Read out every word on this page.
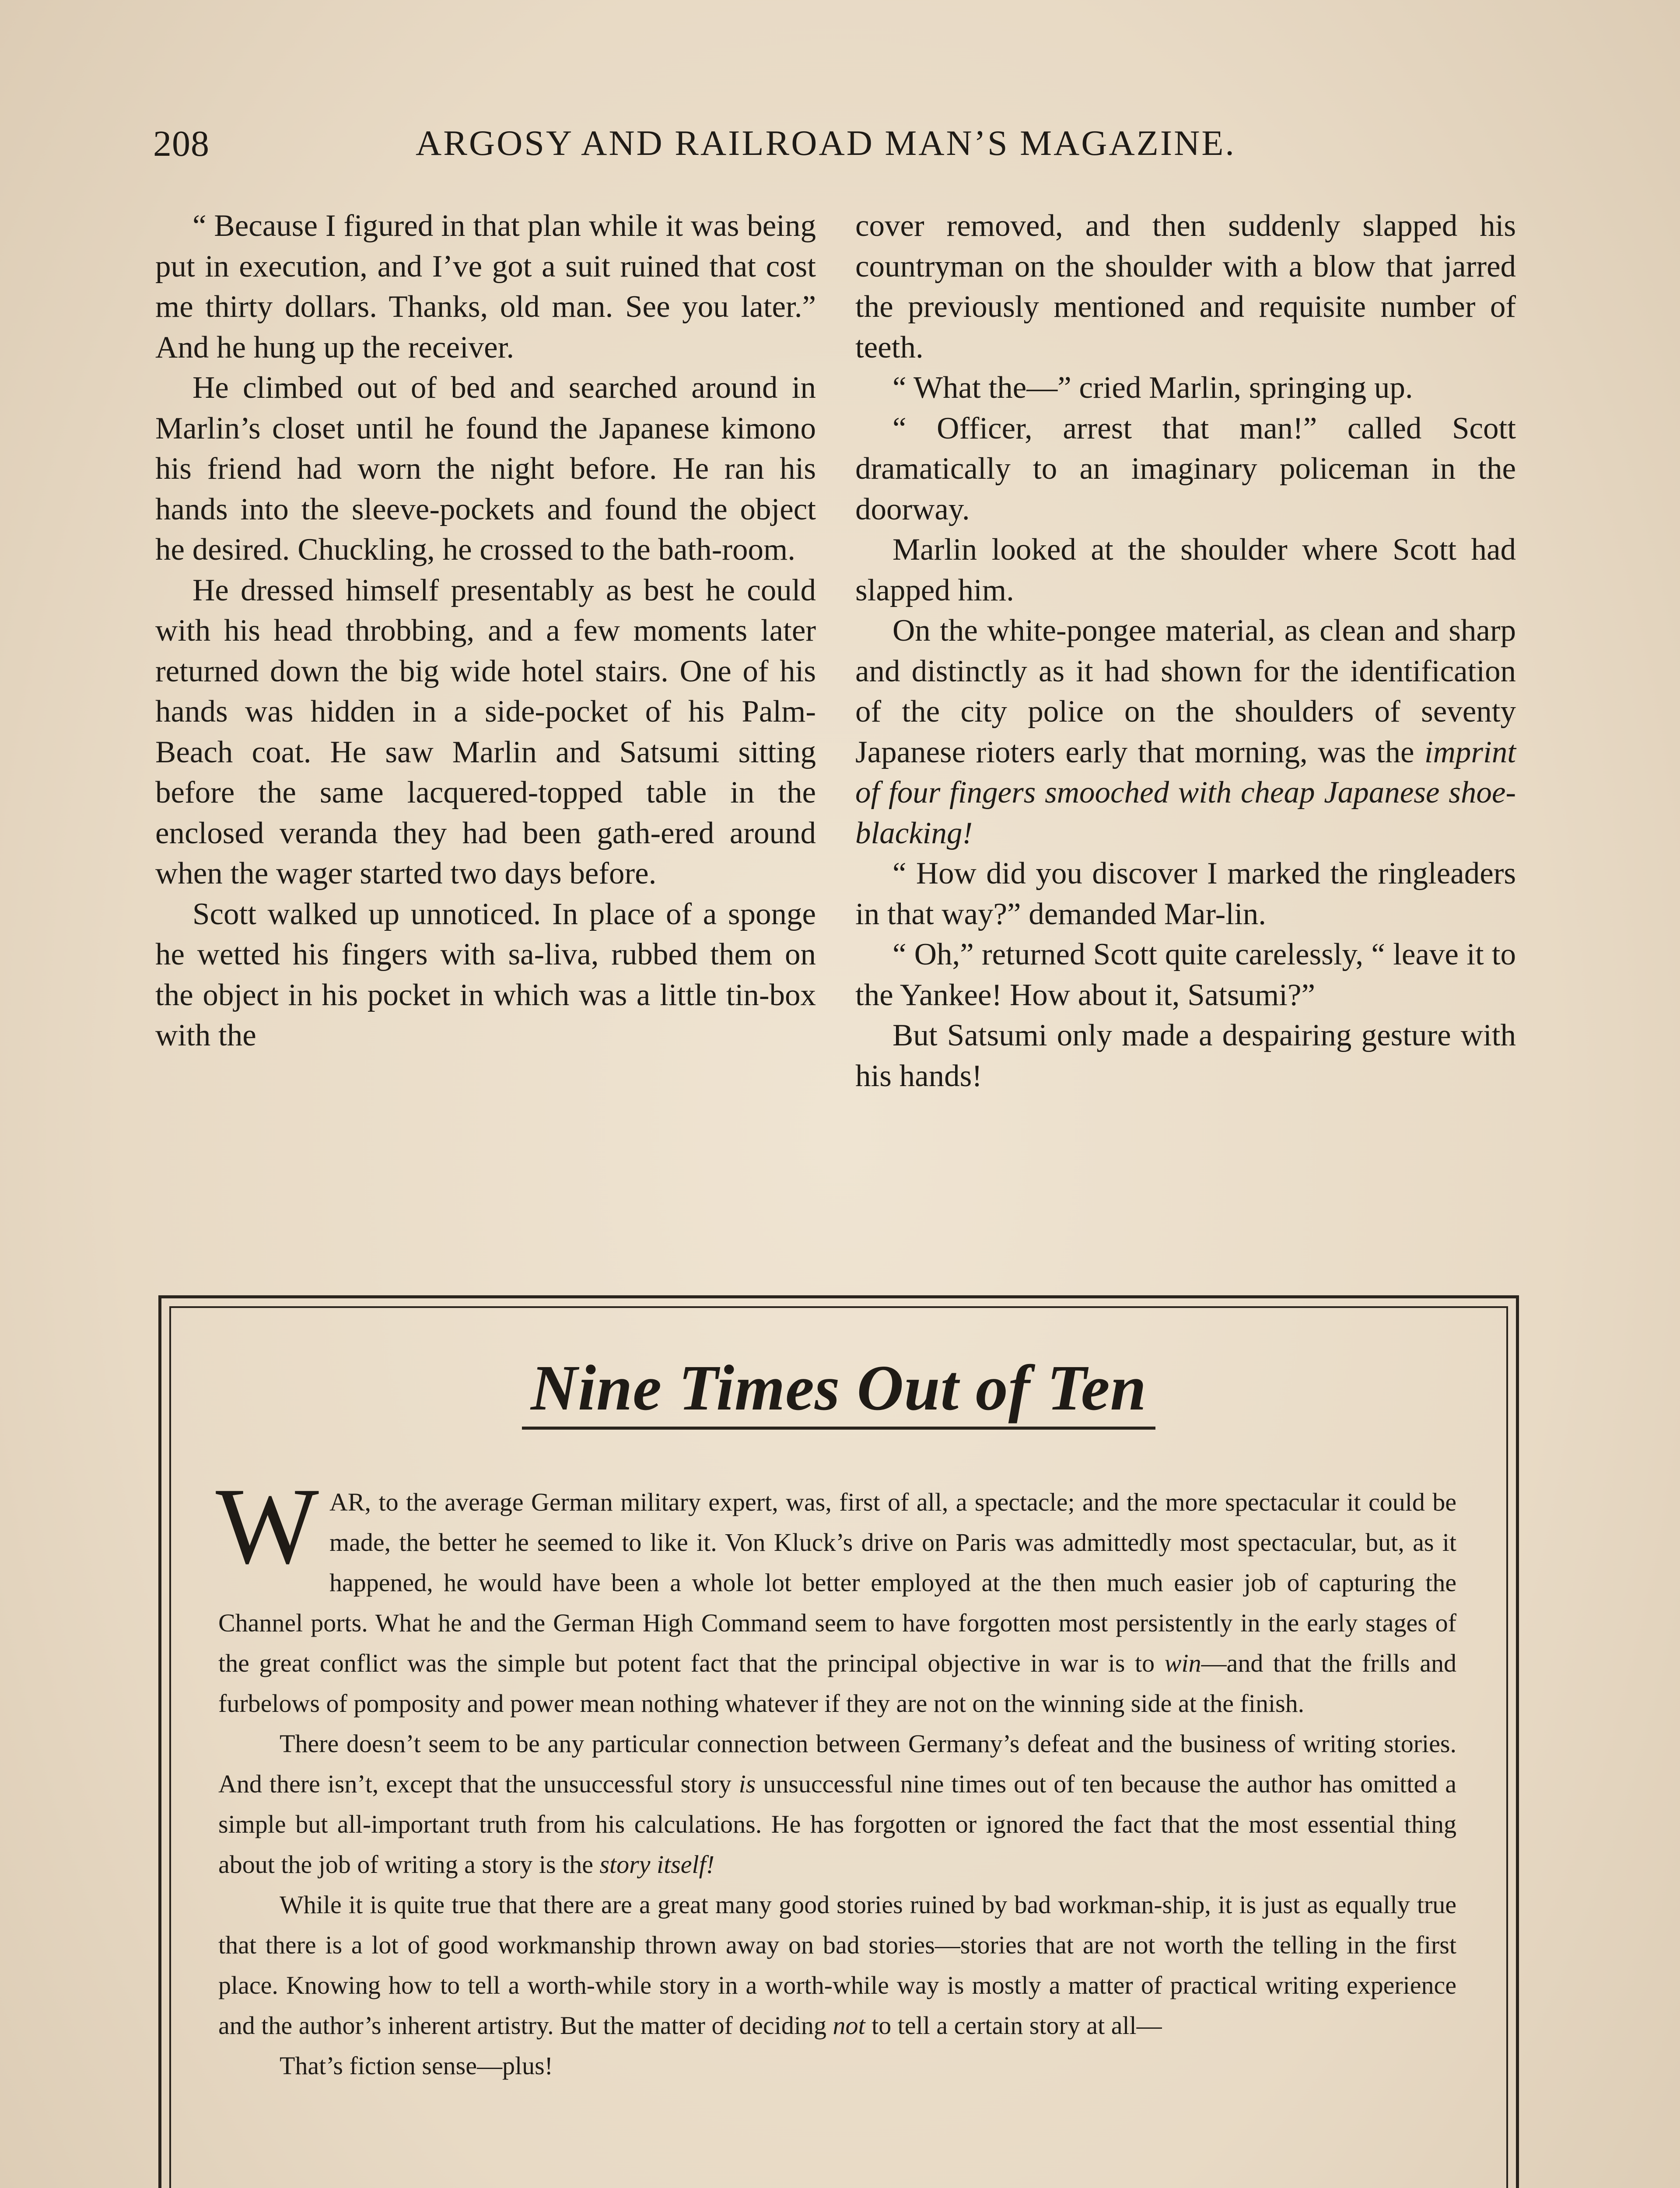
208	ARGOSY AND RAILROAD MAN’S MAGAZINE.

“ Because I figured in that plan while it was being put in execution, and I’ve got a suit ruined that cost me thirty dollars. Thanks, old man. See you later.” And he hung up the receiver.

He climbed out of bed and searched around in Marlin’s closet until he found the Japanese kimono his friend had worn the night before. He ran his hands into the sleeve-pockets and found the object he desired. Chuckling, he crossed to the bath-room.

He dressed himself presentably as best he could with his head throbbing, and a few moments later returned down the big wide hotel stairs. One of his hands was hidden in a side-pocket of his Palm-Beach coat. He saw Marlin and Satsumi sitting before the same lacquered-topped table in the enclosed veranda they had been gath-ered around when the wager started two days before.

Scott walked up unnoticed. In place of a sponge he wetted his fingers with sa-liva, rubbed them on the object in his pocket in which was a little tin-box with the

cover removed, and then suddenly slapped his countryman on the shoulder with a blow that jarred the previously mentioned and requisite number of teeth.

“ What the—” cried Marlin, springing up.

“ Officer, arrest that man!” called Scott dramatically to an imaginary policeman in the doorway.

Marlin looked at the shoulder where Scott had slapped him.

On the white-pongee material, as clean and sharp and distinctly as it had shown for the identification of the city police on the shoulders of seventy Japanese rioters early that morning, was the imprint of four fingers smooched with cheap Japanese shoe-blacking!

“ How did you discover I marked the ringleaders in that way?” demanded Mar-lin.

“ Oh,” returned Scott quite carelessly, “ leave it to the Yankee! How about it, Satsumi?”

But Satsumi only made a despairing gesture with his hands!

Nine Times Out of Ten

WAR, to the average German military expert, was, first of all, a spectacle; and the more spectacular it could be made, the better he seemed to like it. Von Kluck’s drive on Paris was admittedly most spectacular, but, as it happened, he would have been a whole lot better employed at the then much easier job of capturing the Channel ports. What he and the German High Command seem to have forgotten most persistently in the early stages of the great conflict was the simple but potent fact that the principal objective in war is to win—and that the frills and furbelows of pomposity and power mean nothing whatever if they are not on the winning side at the finish.

There doesn’t seem to be any particular connection between Germany’s defeat and the business of writing stories. And there isn’t, except that the unsuccessful story is unsuccessful nine times out of ten because the author has omitted a simple but all-important truth from his calculations. He has forgotten or ignored the fact that the most essential thing about the job of writing a story is the story itself!

While it is quite true that there are a great many good stories ruined by bad workman-ship, it is just as equally true that there is a lot of good workmanship thrown away on bad stories—stories that are not worth the telling in the first place. Knowing how to tell a worth-while story in a worth-while way is mostly a matter of practical writing experience and the author’s inherent artistry. But the matter of deciding not to tell a certain story at all—

That’s fiction sense—plus!
